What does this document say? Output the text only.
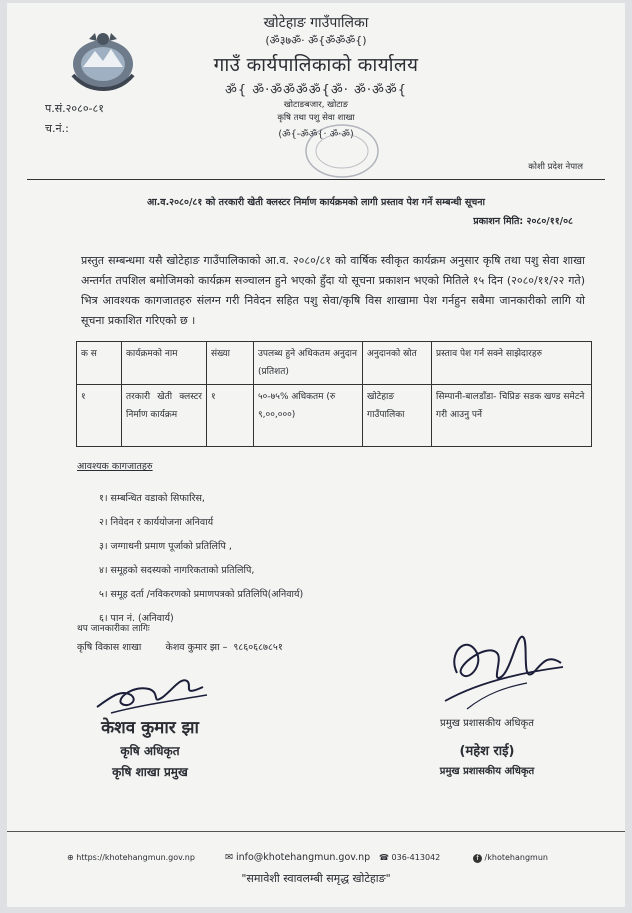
खोटेहाङ गाउँपालिका
(ॐ३७ॐ· ॐ{ॐॐॐ{)
गाउँ कार्यपालिकाको कार्यालय
ॐ{ ॐ·ॐॐॐॐ{ॐ· ॐ·ॐॐ{
खोटाङबजार, खोटाङ
कृषि तथा पशु सेवा शाखा
(ॐ{-ॐॐ{· ॐ·ॐ)
प.सं.२०८०-८१
च.नं.:
कोशी प्रदेश नेपाल
आ.व.२०८०/८१ को तरकारी खेती क्लस्टर निर्माण कार्यक्रमको लागी प्रस्ताव पेश गर्ने सम्बन्धी सूचना
प्रकाशन मिति: २०८०/११/०८
प्रस्तुत सम्बन्धमा यसै खोटेहाङ गाउँपालिकाको आ.व. २०८०/८१ को वार्षिक स्वीकृत कार्यक्रम अनुसार कृषि तथा पशु सेवा शाखा अन्तर्गत तपशिल बमोजिमको कार्यक्रम सञ्चालन हुने भएको हुँदा यो सूचना प्रकाशन भएको मितिले १५ दिन (२०८०/११/२२ गते) भित्र आवश्यक कागजातहरु संलग्न गरी निवेदन सहित पशु सेवा/कृषि विस शाखामा पेश गर्नहुन सबैमा जानकारीको लागि यो सूचना प्रकाशित गरिएको छ ।
क स	कार्यक्रमको नाम	संख्या	उपलब्ध हुने अधिकतम अनुदान (प्रतिशत)	अनुदानको स्रोत	प्रस्ताव पेश गर्न सक्ने साझेदारहरु
१	तरकारी खेती क्लस्टर निर्माण कार्यक्रम	१	५०-७५% अधिकतम (रु ९,००,०००)	खोटेहाङ गाउँपालिका	सिम्पानी-बालडाँडा- चिप्रिङ सडक खण्ड समेटने गरी आउनु पर्ने
आवश्यक कागजातहरु
१। सम्बन्धित वडाको सिफारिस,
२। निवेदन र कार्ययोजना अनिवार्य
३। जग्गाधनी प्रमाण पूर्जाको प्रतिलिपि ,
४। समूहको सदस्यको नागरिकताको प्रतिलिपि,
५। समूह दर्ता /नविकरणको प्रमाणपत्रको प्रतिलिपि(अनिवार्य)
६। पान नं. (अनिवार्य)
थप जानकारीका लागिः
कृषि विकास शाखा        केशव कुमार झा –  ९८६०६८७८५१
केशव कुमार झा
कृषि अधिकृत
कृषि शाखा प्रमुख
प्रमुख प्रशासकीय अधिकृत
(महेश राई)
प्रमुख प्रशासकीय अधिकृत
⊕ https://khotehangmun.gov.np	✉ info@khotehangmun.gov.np ☎ 036-413042	f /khotehangmun
"समावेशी स्वावलम्बी समृद्ध खोटेहाङ"
